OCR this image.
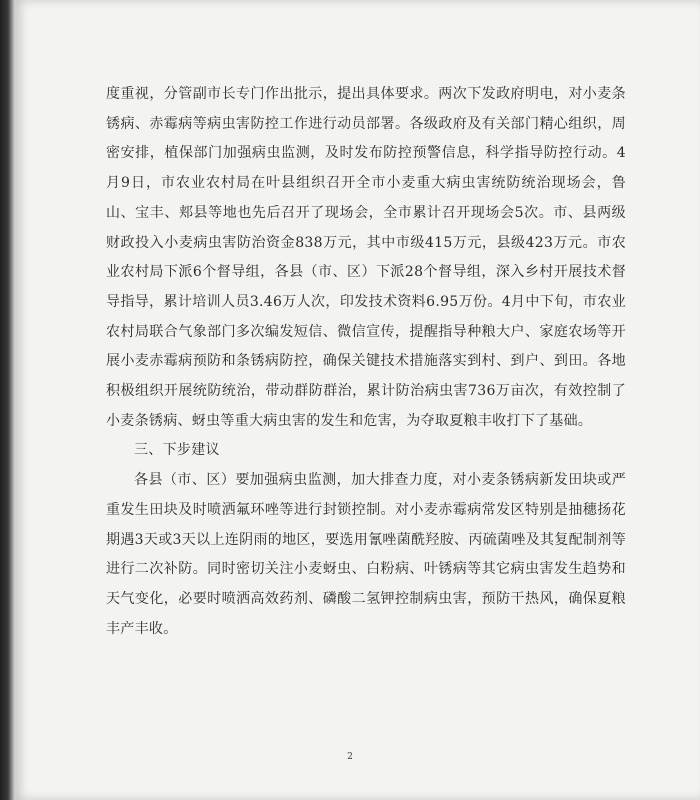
度重视，分管副市长专门作出批示，提出具体要求。两次下发政府明电，对小麦条锈病、赤霉病等病虫害防控工作进行动员部署。各级政府及有关部门精心组织，周密安排，植保部门加强病虫监测，及时发布防控预警信息，科学指导防控行动。4月9日，市农业农村局在叶县组织召开全市小麦重大病虫害统防统治现场会，鲁山、宝丰、郏县等地也先后召开了现场会，全市累计召开现场会5次。市、县两级财政投入小麦病虫害防治资金838万元，其中市级415万元，县级423万元。市农业农村局下派6个督导组，各县（市、区）下派28个督导组，深入乡村开展技术督导指导，累计培训人员3.46万人次，印发技术资料6.95万份。4月中下旬，市农业农村局联合气象部门多次编发短信、微信宣传，提醒指导种粮大户、家庭农场等开展小麦赤霉病预防和条锈病防控，确保关键技术措施落实到村、到户、到田。各地积极组织开展统防统治，带动群防群治，累计防治病虫害736万亩次，有效控制了小麦条锈病、蚜虫等重大病虫害的发生和危害，为夺取夏粮丰收打下了基础。

三、下步建议

各县（市、区）要加强病虫监测，加大排查力度，对小麦条锈病新发田块或严重发生田块及时喷洒氟环唑等进行封锁控制。对小麦赤霉病常发区特别是抽穗扬花期遇3天或3天以上连阴雨的地区，要选用氰唑菌酰羟胺、丙硫菌唑及其复配制剂等进行二次补防。同时密切关注小麦蚜虫、白粉病、叶锈病等其它病虫害发生趋势和天气变化，必要时喷洒高效药剂、磷酸二氢钾控制病虫害，预防干热风，确保夏粮丰产丰收。

2
